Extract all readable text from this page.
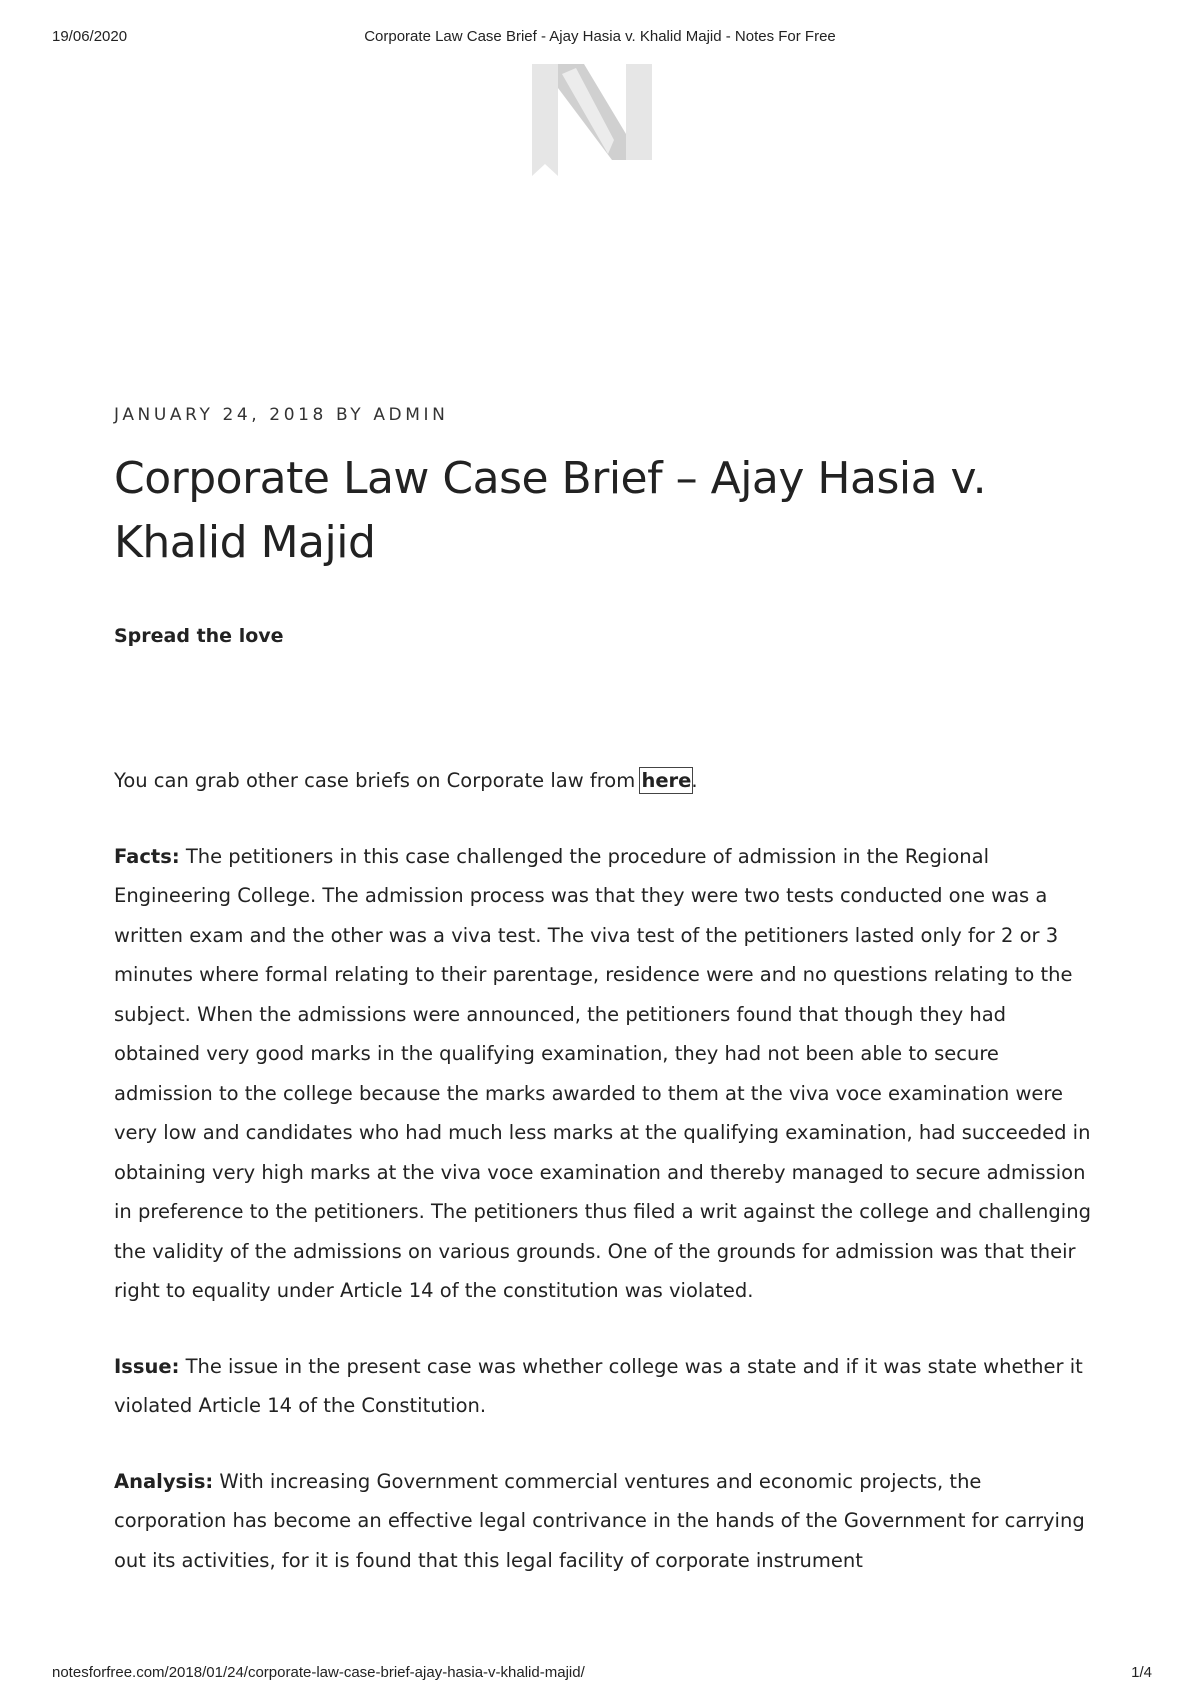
19/06/2020	Corporate Law Case Brief - Ajay Hasia v. Khalid Majid - Notes For Free
JANUARY 24, 2018 BY ADMIN
Corporate Law Case Brief – Ajay Hasia v. Khalid Majid
Spread the love

You can grab other case briefs on Corporate law from here.

Facts: The petitioners in this case challenged the procedure of admission in the Regional Engineering College. The admission process was that they were two tests conducted one was a written exam and the other was a viva test. The viva test of the petitioners lasted only for 2 or 3 minutes where formal relating to their parentage, residence were and no questions relating to the subject. When the admissions were announced, the petitioners found that though they had obtained very good marks in the qualifying examination, they had not been able to secure admission to the college because the marks awarded to them at the viva voce examination were very low and candidates who had much less marks at the qualifying examination, had succeeded in obtaining very high marks at the viva voce examination and thereby managed to secure admission in preference to the petitioners. The petitioners thus filed a writ against the college and challenging the validity of the admissions on various grounds. One of the grounds for admission was that their right to equality under Article 14 of the constitution was violated.

Issue: The issue in the present case was whether college was a state and if it was state whether it violated Article 14 of the Constitution.

Analysis: With increasing Government commercial ventures and economic projects, the corporation has become an effective legal contrivance in the hands of the Government for carrying out its activities, for it is found that this legal facility of corporate instrument

notesforfree.com/2018/01/24/corporate-law-case-brief-ajay-hasia-v-khalid-majid/	1/4
